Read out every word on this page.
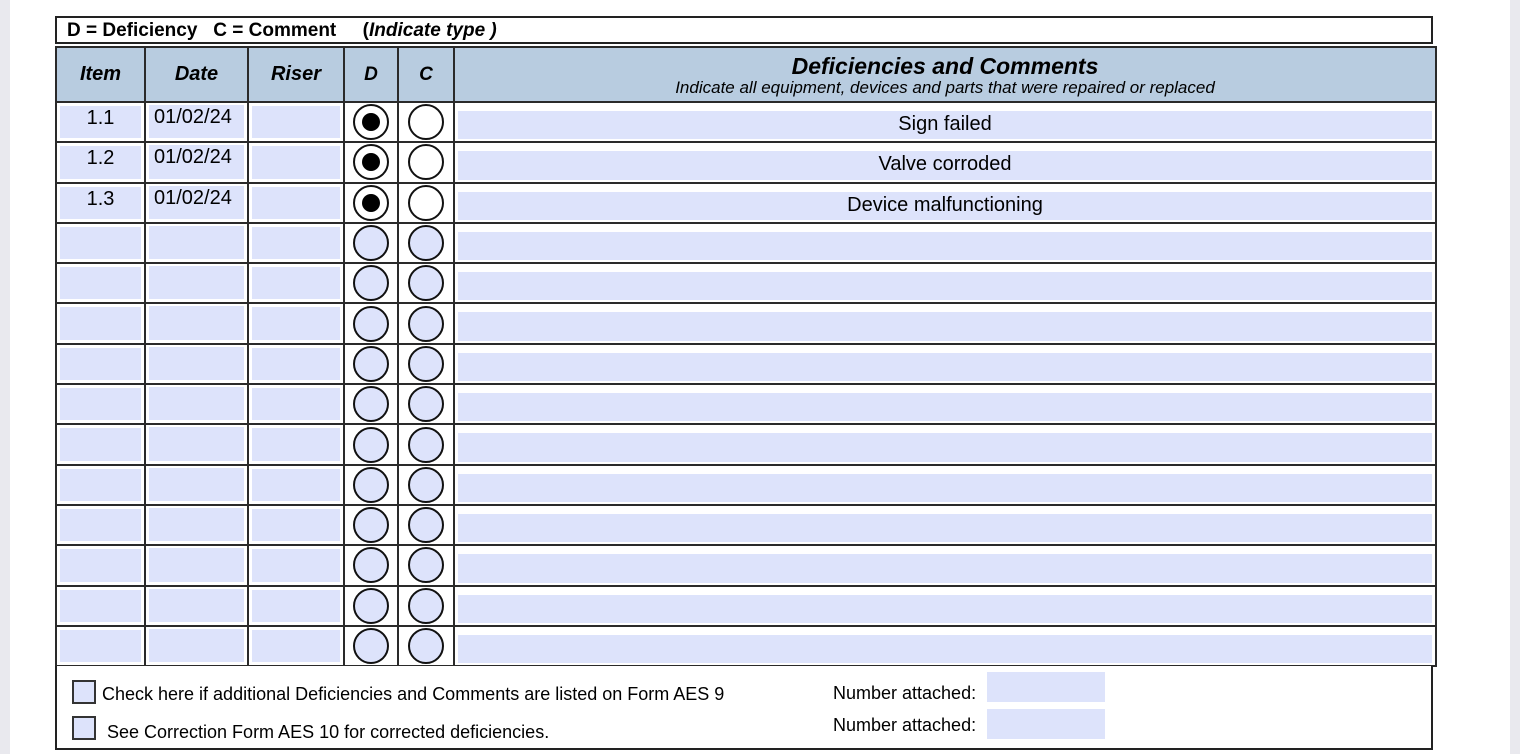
D = Deficiency C = Comment (Indicate type )
Item	Date	Riser	D	C	Deficiencies and Comments
Indicate all equipment, devices and parts that were repaired or replaced

1.1	01/02/24				Sign failed

1.2	01/02/24				Valve corroded

1.3	01/02/24				Device malfunctioning

Check here if additional Deficiencies and Comments are listed on Form AES 9
See Correction Form AES 10 for corrected deficiencies.
Number attached:
Number attached:
